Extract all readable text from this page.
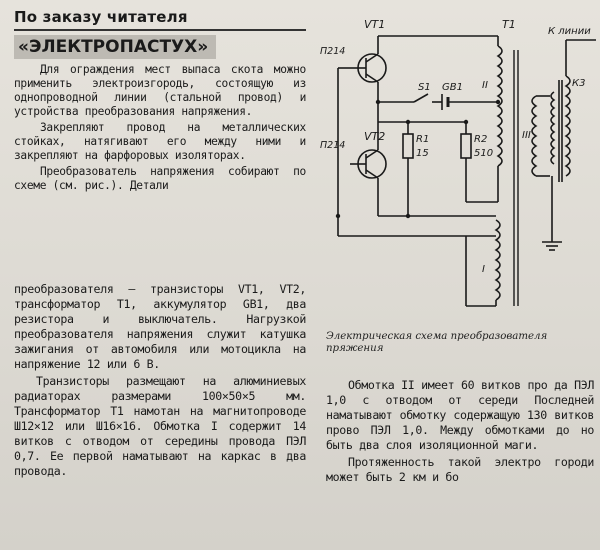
По заказу читателя
«ЭЛЕКТРОПАСТУХ»

Для ограждения мест выпаса скота можно применить электроизгородь, состоящую из однопроводной линии (стальной провод) и устройства преобразования напряжения.

Закрепляют провод на металлических стойках, натягивают его между ними и закрепляют на фарфоровых изоляторах.

Преобразователь напряжения собирают по схеме (см. рис.). Детали

VT1
П214
VT2
П214
T1
К линии
К3
S1 GB1
R1
15
R2
510
II
III
I
Электрическая схема преобразователя пряжения

преобразователя — транзисторы VT1, VT2, трансформатор T1, аккумулятор GB1, два резистора и выключатель. Нагрузкой преобразователя напряжения служит катушка зажигания от автомобиля или мотоцикла на напряжение 12 или 6 В.

Транзисторы размещают на алюминиевых радиаторах размерами 100×50×5 мм. Трансформатор T1 намотан на магнитопроводе Ш12×12 или Ш16×16. Обмотка I содержит 14 витков с отводом от середины провода ПЭЛ 0,7. Ее первой наматывают на каркас в два провода.

Обмотка II имеет 60 витков про да ПЭЛ 1,0 с отводом от середи Последней наматывают обмотку содержащую 130 витков прово ПЭЛ 1,0. Между обмотками до но быть два слоя изоляционной маги.

Протяженность такой электро городи может быть 2 км и бо
